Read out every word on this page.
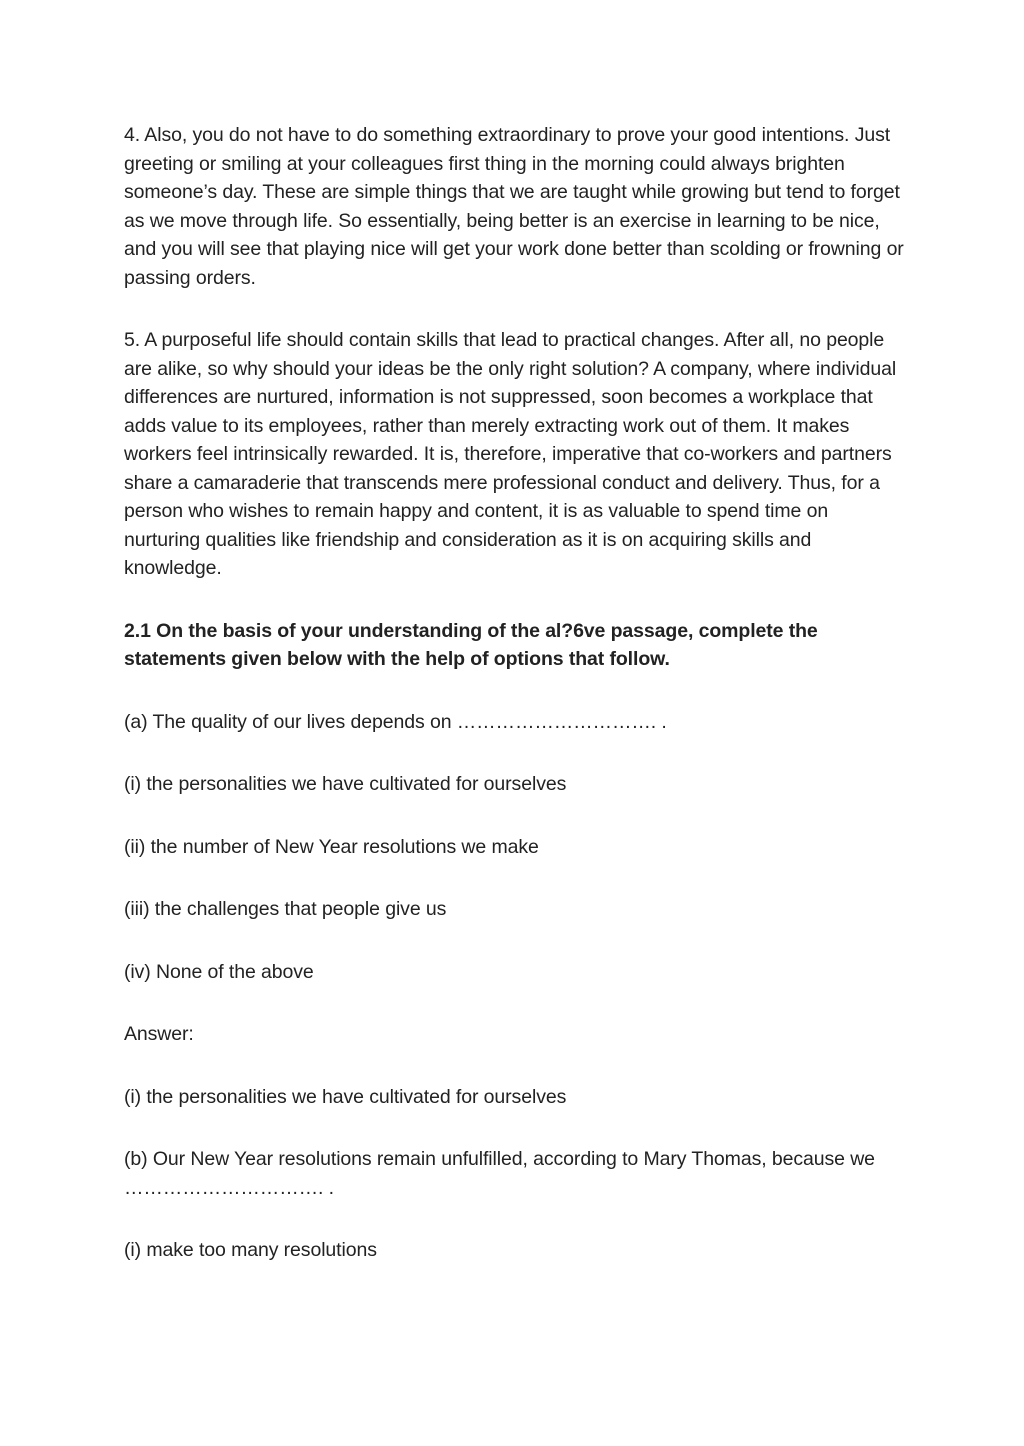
4. Also, you do not have to do something extraordinary to prove your good intentions. Just greeting or smiling at your colleagues first thing in the morning could always brighten someone’s day. These are simple things that we are taught while growing but tend to forget as we move through life. So essentially, being better is an exercise in learning to be nice, and you will see that playing nice will get your work done better than scolding or frowning or passing orders.

5. A purposeful life should contain skills that lead to practical changes. After all, no people are alike, so why should your ideas be the only right solution? A company, where individual differences are nurtured, information is not suppressed, soon becomes a workplace that adds value to its employees, rather than merely extracting work out of them. It makes workers feel intrinsically rewarded. It is, therefore, imperative that co-workers and partners share a camaraderie that transcends mere professional conduct and delivery. Thus, for a person who wishes to remain happy and content, it is as valuable to spend time on nurturing qualities like friendship and consideration as it is on acquiring skills and knowledge.

2.1 On the basis of your understanding of the al?6ve passage, complete the statements given below with the help of options that follow.

(a) The quality of our lives depends on …………………………. .

(i) the personalities we have cultivated for ourselves

(ii) the number of New Year resolutions we make

(iii) the challenges that people give us

(iv) None of the above

Answer:

(i) the personalities we have cultivated for ourselves

(b) Our New Year resolutions remain unfulfilled, according to Mary Thomas, because we …………………………. .

(i) make too many resolutions
